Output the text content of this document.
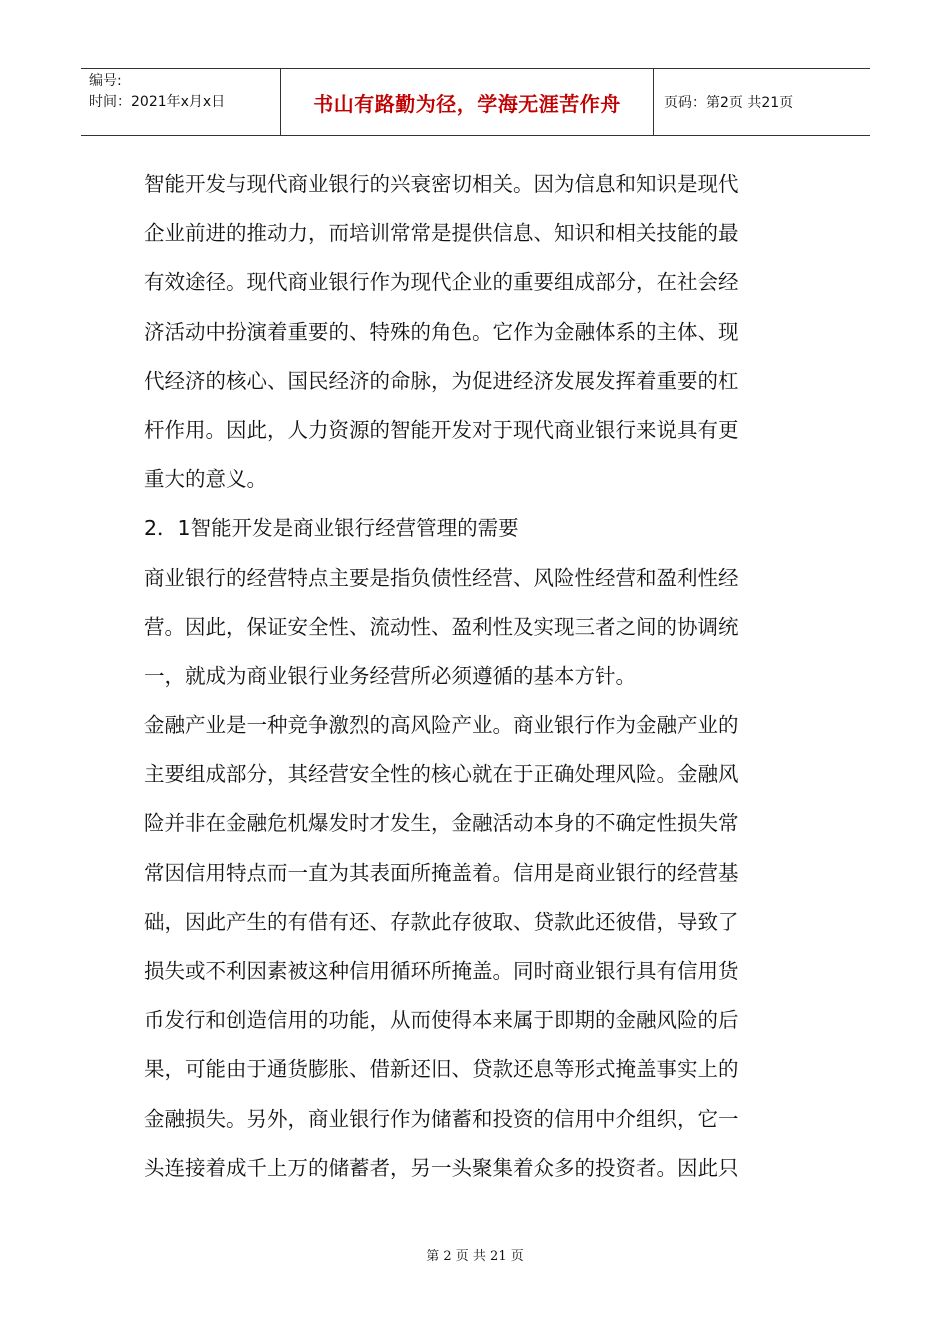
编号:
时间：2021年x月x日	书山有路勤为径，学海无涯苦作舟	页码：第2页 共21页
智能开发与现代商业银行的兴衰密切相关。因为信息和知识是现代
企业前进的推动力，而培训常常是提供信息、知识和相关技能的最
有效途径。现代商业银行作为现代企业的重要组成部分，在社会经
济活动中扮演着重要的、特殊的角色。它作为金融体系的主体、现
代经济的核心、国民经济的命脉，为促进经济发展发挥着重要的杠
杆作用。因此，人力资源的智能开发对于现代商业银行来说具有更
重大的意义。
2．1智能开发是商业银行经营管理的需要
商业银行的经营特点主要是指负债性经营、风险性经营和盈利性经
营。因此，保证安全性、流动性、盈利性及实现三者之间的协调统
一，就成为商业银行业务经营所必须遵循的基本方针。
金融产业是一种竞争激烈的高风险产业。商业银行作为金融产业的
主要组成部分，其经营安全性的核心就在于正确处理风险。金融风
险并非在金融危机爆发时才发生，金融活动本身的不确定性损失常
常因信用特点而一直为其表面所掩盖着。信用是商业银行的经营基
础，因此产生的有借有还、存款此存彼取、贷款此还彼借，导致了
损失或不利因素被这种信用循环所掩盖。同时商业银行具有信用货
币发行和创造信用的功能，从而使得本来属于即期的金融风险的后
果，可能由于通货膨胀、借新还旧、贷款还息等形式掩盖事实上的
金融损失。另外，商业银行作为储蓄和投资的信用中介组织，它一
头连接着成千上万的储蓄者，另一头聚集着众多的投资者。因此只
第 2 页 共 21 页
